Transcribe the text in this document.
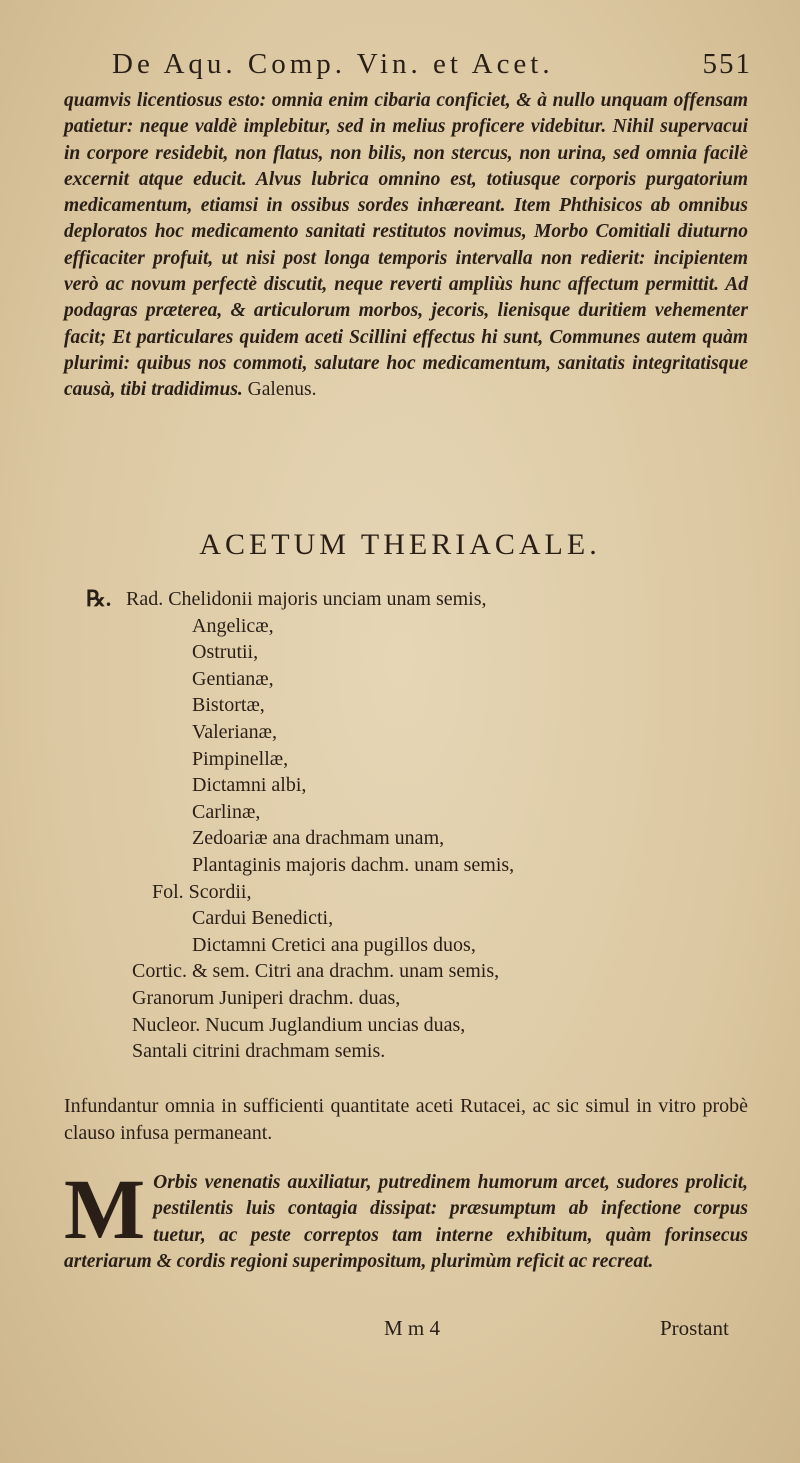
De Aqu. Comp. Vin. et Acet.	551

quamvis licentiosus esto: omnia enim cibaria conficiet, & à nullo unquam offensam patietur: neque valdè implebitur, sed in melius proficere videbitur. Nihil supervacui in corpore residebit, non flatus, non bilis, non stercus, non urina, sed omnia facilè excernit atque educit. Alvus lubrica omnino est, totiusque corporis purgatorium medicamentum, etiamsi in ossibus sordes inhæreant. Item Phthisicos ab omnibus deploratos hoc medicamento sanitati restitutos novimus, Morbo Comitiali diuturno efficaciter profuit, ut nisi post longa temporis intervalla non redierit: incipientem verò ac novum perfectè discutit, neque reverti ampliùs hunc affectum permittit. Ad podagras præterea, & articulorum morbos, jecoris, lienisque duritiem vehementer facit; Et particulares quidem aceti Scillini effectus hi sunt, Communes autem quàm plurimi: quibus nos commoti, salutare hoc medicamentum, sanitatis integritatisque causà, tibi tradidimus. Galenus.

ACETUM THERIACALE.
℞. Rad. Chelidonii majoris unciam unam semis,
Angelicæ,
Ostrutii,
Gentianæ,
Bistortæ,
Valerianæ,
Pimpinellæ,
Dictamni albi,
Carlinæ,
Zedoariæ ana drachmam unam,
Plantaginis majoris dachm. unam semis,
Fol. Scordii,
Cardui Benedicti,
Dictamni Cretici ana pugillos duos,
Cortic. & sem. Citri ana drachm. unam semis,
Granorum Juniperi drachm. duas,
Nucleor. Nucum Juglandium uncias duas,
Santali citrini drachmam semis.
Infundantur omnia in sufficienti quantitate aceti Rutacei, ac sic simul in vitro probè clauso infusa permaneant.
M Orbis venenatis auxiliatur, putredinem humorum arcet, sudores prolicit, pestilentis luis contagia dissipat: præsumptum ab infectione corpus tuetur, ac peste correptos tam interne exhibitum, quàm forinsecus arteriarum & cordis regioni superimpositum, plurimùm reficit ac recreat.
M m 4	Prostant
